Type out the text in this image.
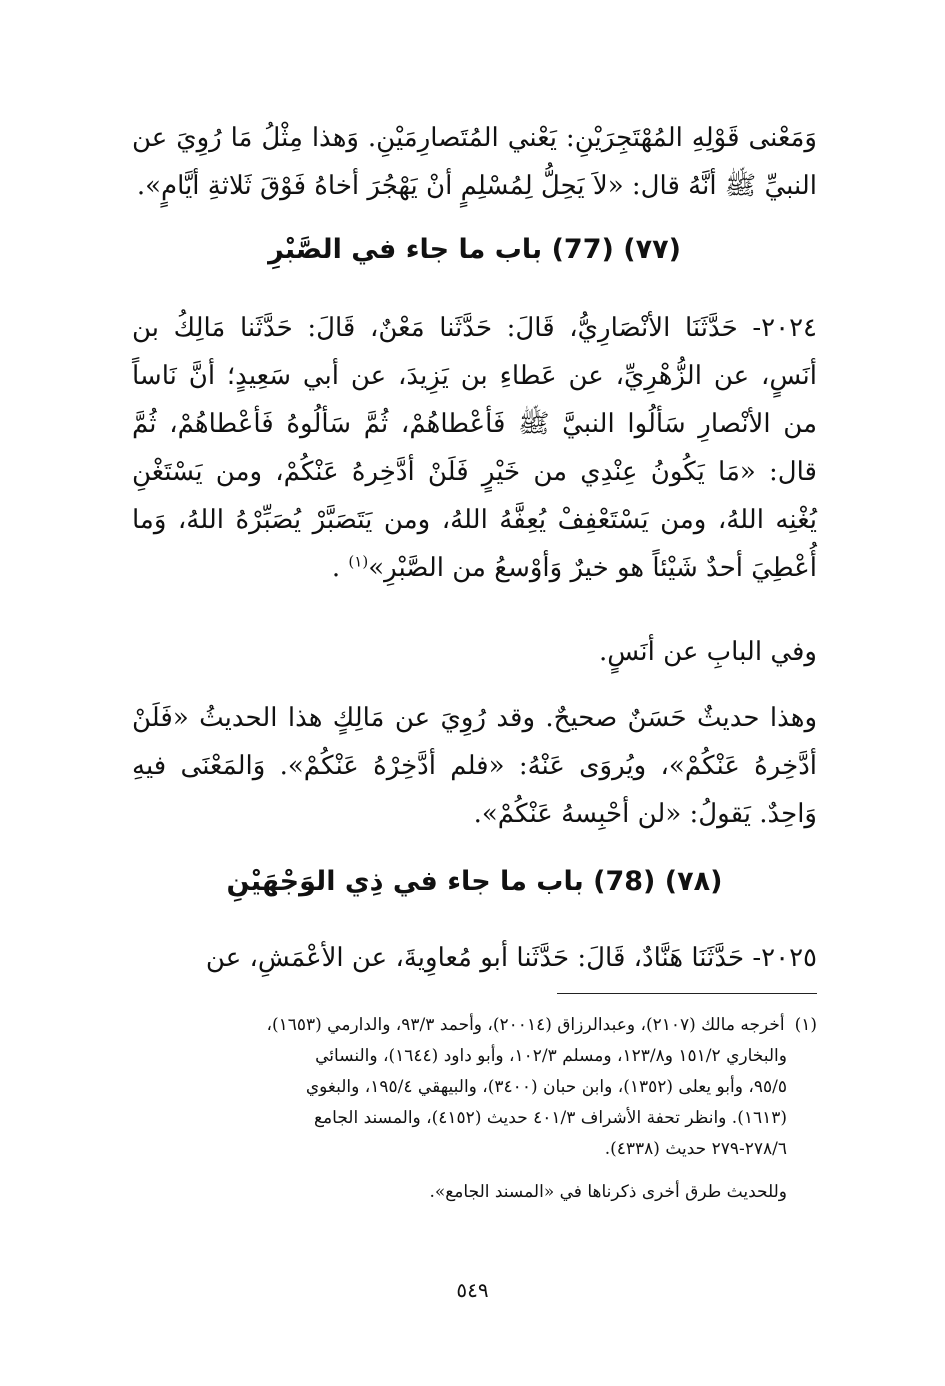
وَمَعْنى قَوْلِهِ المُهْتَجِرَيْنِ: يَعْني المُتَصارِمَيْنِ. وَهذا مِثْلُ مَا رُوِيَ عن النبيِّ ﷺ أنَّهُ قال: «لاَ يَحِلُّ لِمُسْلِمٍ أنْ يَهْجُرَ أخاهُ فَوْقَ ثَلاثةِ أيَّامٍ».

(٧٧) (77) باب ما جاء في الصَّبْرِ

٢٠٢٤- حَدَّثَنَا الأنْصَارِيُّ، قَالَ: حَدَّثَنا مَعْنٌ، قَالَ: حَدَّثَنا مَالِكُ بن أنَسٍ، عن الزُّهْرِيِّ، عن عَطاءِ بن يَزِيدَ، عن أبي سَعِيدٍ؛ أنَّ نَاساً من الأنْصارِ سَألُوا النبيَّ ﷺ فَأعْطاهُمْ، ثُمَّ سَألُوهُ فَأعْطاهُمْ، ثُمَّ قال: «مَا يَكُونُ عِنْدِي من خَيْرٍ فَلَنْ أدَّخِرهُ عَنْكُمْ، ومن يَسْتَغْنِ يُغْنِه اللهُ، ومن يَسْتَعْفِفْ يُعِفَّهُ اللهُ، ومن يَتَصَبَّرْ يُصَبِّرْهُ اللهُ، وَما أُعْطِيَ أحدٌ شَيْئاً هو خيرٌ وَأوْسعُ من الصَّبْرِ»$^{(١)}$ .

وفي البابِ عن أنَسٍ.

وهذا حديثٌ حَسَنٌ صحيحٌ. وقد رُوِيَ عن مَالِكٍ هذا الحديثُ «فَلَنْ أدَّخِرهُ عَنْكُمْ»، ويُروَى عَنْهُ: «فلم أدَّخِرْهُ عَنْكُمْ». وَالمَعْنَى فيهِ وَاحِدٌ. يَقولُ: «لن أحْبِسهُ عَنْكُمْ».

(٧٨) (78) باب ما جاء في ذِي الوَجْهَيْنِ

٢٠٢٥- حَدَّثَنَا هَنَّادٌ، قَالَ: حَدَّثَنا أبو مُعاوِيةَ، عن الأعْمَشِ، عن

(١)أخرجه مالك (٢١٠٧)، وعبدالرزاق (٢٠٠١٤)، وأحمد ٩٣/٣، والدارمي (١٦٥٣)،

والبخاري ١٥١/٢ و١٢٣/٨، ومسلم ١٠٢/٣، وأبو داود (١٦٤٤)، والنسائي

٩٥/٥، وأبو يعلى (١٣٥٢)، وابن حبان (٣٤٠٠)، والبيهقي ١٩٥/٤، والبغوي

(١٦١٣). وانظر تحفة الأشراف ٤٠١/٣ حديث (٤١٥٢)، والمسند الجامع

٢٧٨/٦-٢٧٩ حديث (٤٣٣٨).

وللحديث طرق أخرى ذكرناها في «المسند الجامع».

٥٤٩
